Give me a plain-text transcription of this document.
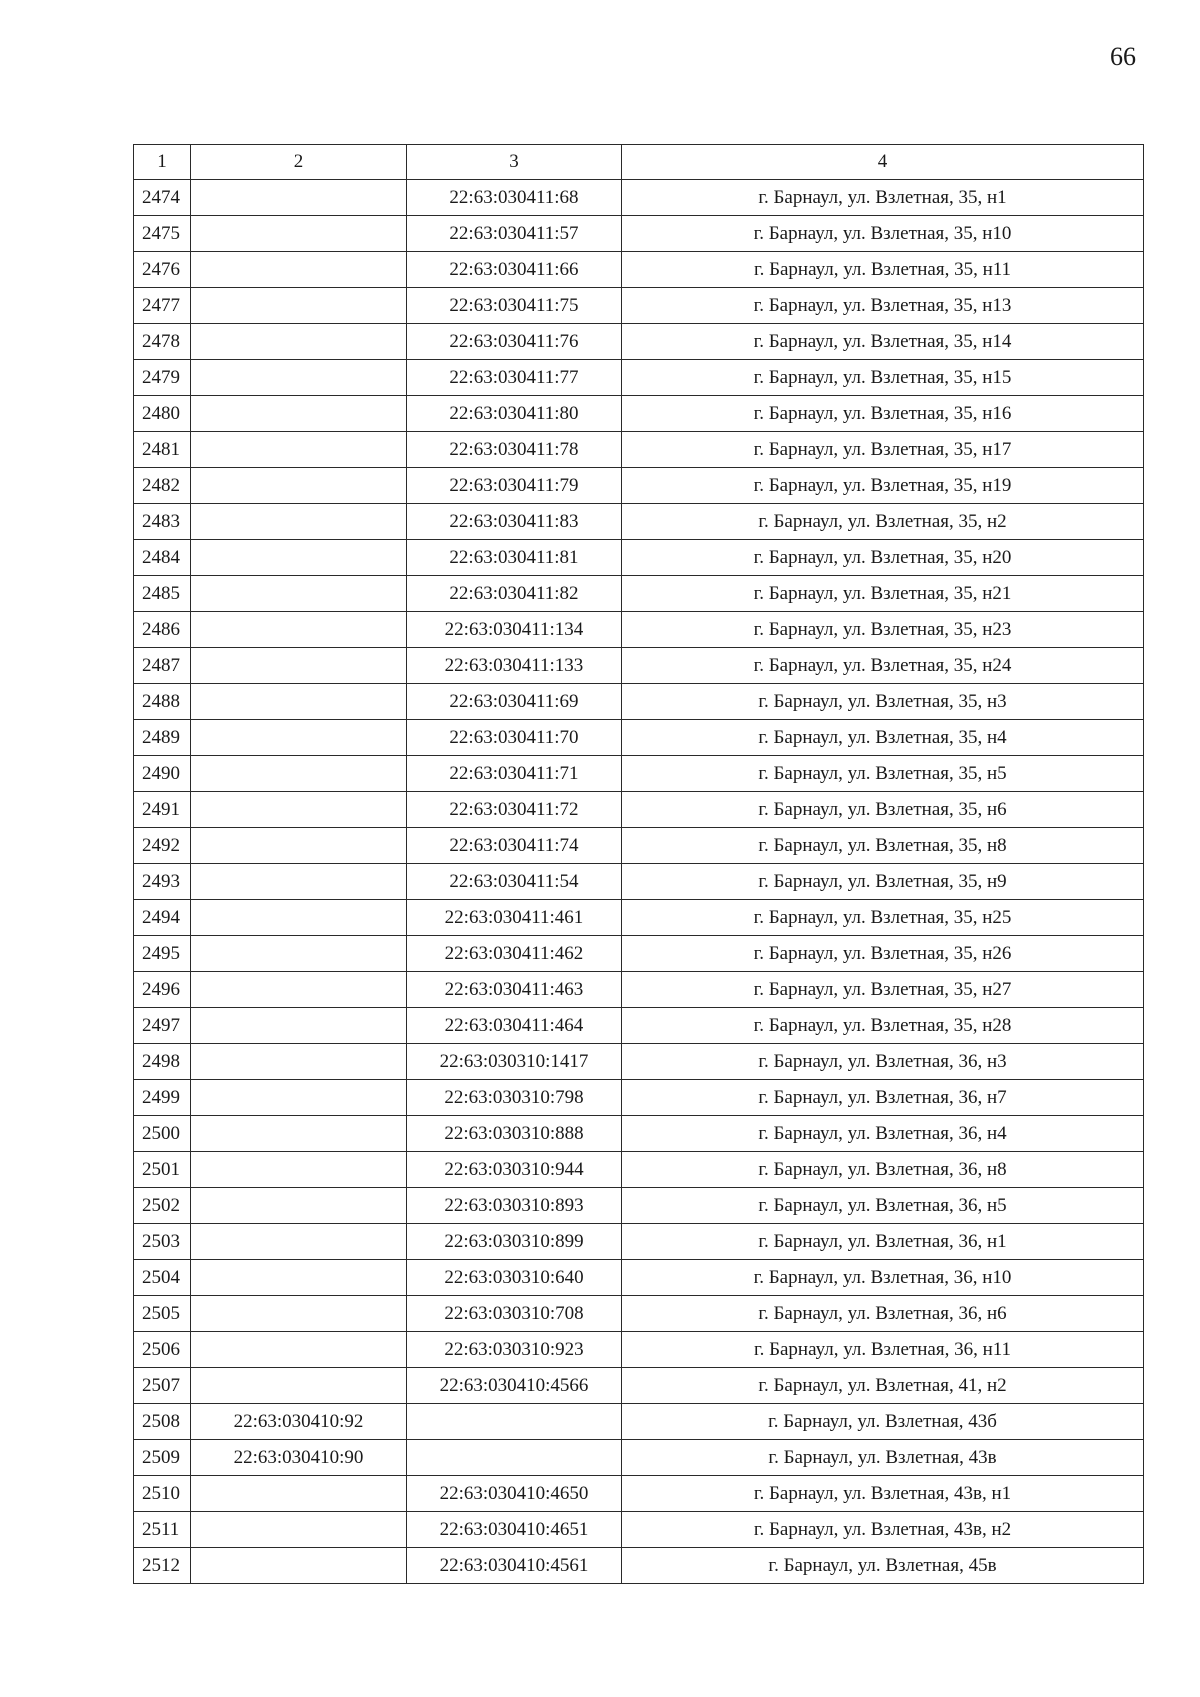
66
1	2	3	4
2474		22:63:030411:68	г. Барнаул, ул. Взлетная, 35, н1
2475		22:63:030411:57	г. Барнаул, ул. Взлетная, 35, н10
2476		22:63:030411:66	г. Барнаул, ул. Взлетная, 35, н11
2477		22:63:030411:75	г. Барнаул, ул. Взлетная, 35, н13
2478		22:63:030411:76	г. Барнаул, ул. Взлетная, 35, н14
2479		22:63:030411:77	г. Барнаул, ул. Взлетная, 35, н15
2480		22:63:030411:80	г. Барнаул, ул. Взлетная, 35, н16
2481		22:63:030411:78	г. Барнаул, ул. Взлетная, 35, н17
2482		22:63:030411:79	г. Барнаул, ул. Взлетная, 35, н19
2483		22:63:030411:83	г. Барнаул, ул. Взлетная, 35, н2
2484		22:63:030411:81	г. Барнаул, ул. Взлетная, 35, н20
2485		22:63:030411:82	г. Барнаул, ул. Взлетная, 35, н21
2486		22:63:030411:134	г. Барнаул, ул. Взлетная, 35, н23
2487		22:63:030411:133	г. Барнаул, ул. Взлетная, 35, н24
2488		22:63:030411:69	г. Барнаул, ул. Взлетная, 35, н3
2489		22:63:030411:70	г. Барнаул, ул. Взлетная, 35, н4
2490		22:63:030411:71	г. Барнаул, ул. Взлетная, 35, н5
2491		22:63:030411:72	г. Барнаул, ул. Взлетная, 35, н6
2492		22:63:030411:74	г. Барнаул, ул. Взлетная, 35, н8
2493		22:63:030411:54	г. Барнаул, ул. Взлетная, 35, н9
2494		22:63:030411:461	г. Барнаул, ул. Взлетная, 35, н25
2495		22:63:030411:462	г. Барнаул, ул. Взлетная, 35, н26
2496		22:63:030411:463	г. Барнаул, ул. Взлетная, 35, н27
2497		22:63:030411:464	г. Барнаул, ул. Взлетная, 35, н28
2498		22:63:030310:1417	г. Барнаул, ул. Взлетная, 36, н3
2499		22:63:030310:798	г. Барнаул, ул. Взлетная, 36, н7
2500		22:63:030310:888	г. Барнаул, ул. Взлетная, 36, н4
2501		22:63:030310:944	г. Барнаул, ул. Взлетная, 36, н8
2502		22:63:030310:893	г. Барнаул, ул. Взлетная, 36, н5
2503		22:63:030310:899	г. Барнаул, ул. Взлетная, 36, н1
2504		22:63:030310:640	г. Барнаул, ул. Взлетная, 36, н10
2505		22:63:030310:708	г. Барнаул, ул. Взлетная, 36, н6
2506		22:63:030310:923	г. Барнаул, ул. Взлетная, 36, н11
2507		22:63:030410:4566	г. Барнаул, ул. Взлетная, 41, н2
2508	22:63:030410:92		г. Барнаул, ул. Взлетная, 43б
2509	22:63:030410:90		г. Барнаул, ул. Взлетная, 43в
2510		22:63:030410:4650	г. Барнаул, ул. Взлетная, 43в, н1
2511		22:63:030410:4651	г. Барнаул, ул. Взлетная, 43в, н2
2512		22:63:030410:4561	г. Барнаул, ул. Взлетная, 45в
